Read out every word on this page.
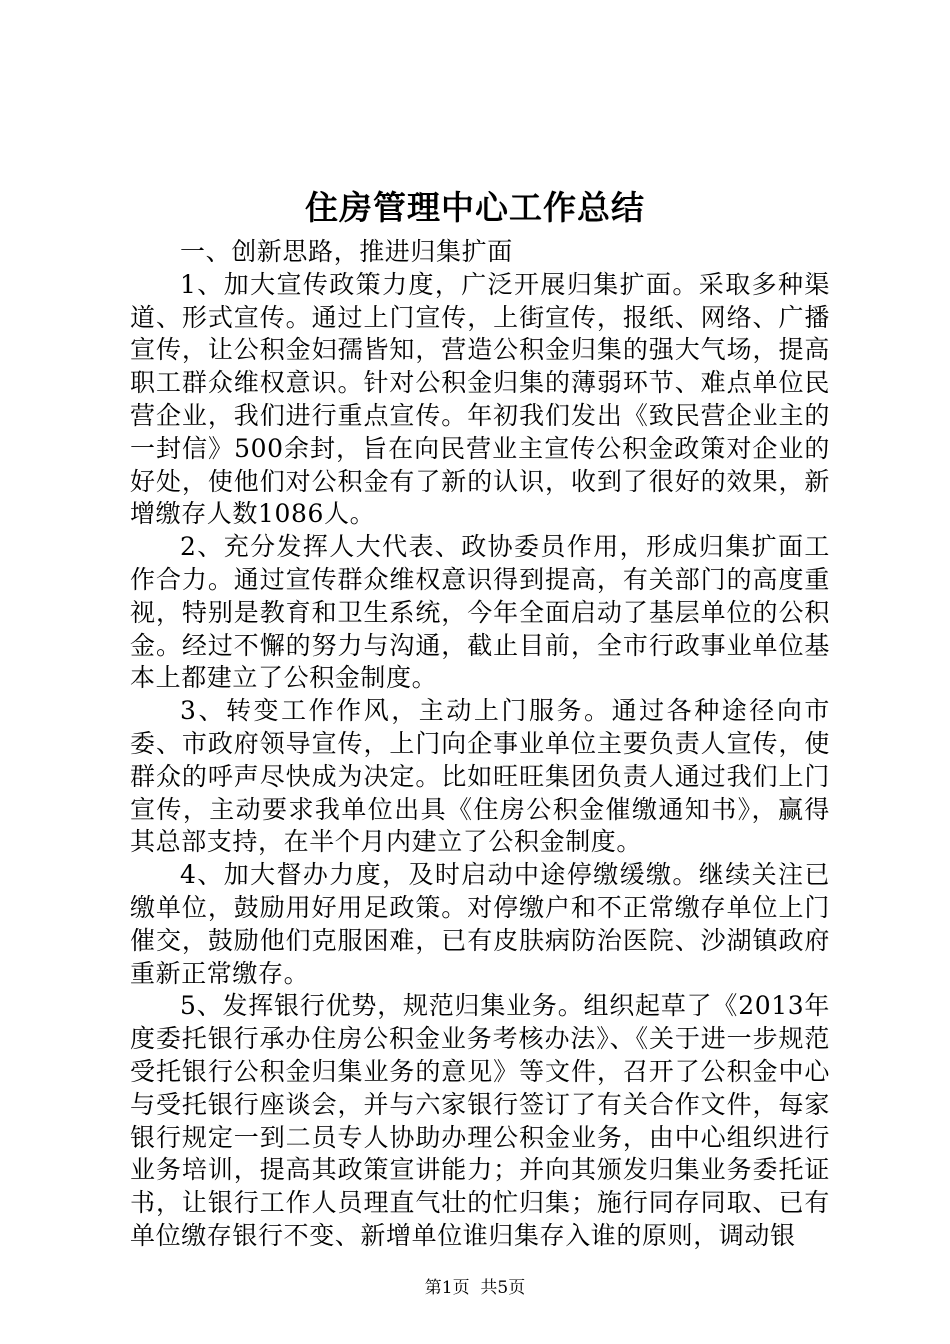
住房管理中心工作总结

一、创新思路，推进归集扩面

1、加大宣传政策力度，广泛开展归集扩面。采取多种渠道、形式宣传。通过上门宣传，上街宣传，报纸、网络、广播宣传，让公积金妇孺皆知，营造公积金归集的强大气场，提高职工群众维权意识。针对公积金归集的薄弱环节、难点单位民营企业，我们进行重点宣传。年初我们发出《致民营企业主的一封信》500余封，旨在向民营业主宣传公积金政策对企业的好处，使他们对公积金有了新的认识，收到了很好的效果，新增缴存人数1086人。

2、充分发挥人大代表、政协委员作用，形成归集扩面工作合力。通过宣传群众维权意识得到提高，有关部门的高度重视，特别是教育和卫生系统，今年全面启动了基层单位的公积金。经过不懈的努力与沟通，截止目前，全市行政事业单位基本上都建立了公积金制度。

3、转变工作作风，主动上门服务。通过各种途径向市委、市政府领导宣传，上门向企事业单位主要负责人宣传，使群众的呼声尽快成为决定。比如旺旺集团负责人通过我们上门宣传，主动要求我单位出具《住房公积金催缴通知书》，赢得其总部支持，在半个月内建立了公积金制度。

4、加大督办力度，及时启动中途停缴缓缴。继续关注已缴单位，鼓励用好用足政策。对停缴户和不正常缴存单位上门催交，鼓励他们克服困难，已有皮肤病防治医院、沙湖镇政府重新正常缴存。

5、发挥银行优势，规范归集业务。组织起草了《2013年度委托银行承办住房公积金业务考核办法》、《关于进一步规范受托银行公积金归集业务的意见》等文件，召开了公积金中心与受托银行座谈会，并与六家银行签订了有关合作文件，每家银行规定一到二员专人协助办理公积金业务，由中心组织进行业务培训，提高其政策宣讲能力；并向其颁发归集业务委托证书，让银行工作人员理直气壮的忙归集；施行同存同取、已有单位缴存银行不变、新增单位谁归集存入谁的原则，调动银

第1页  共5页
